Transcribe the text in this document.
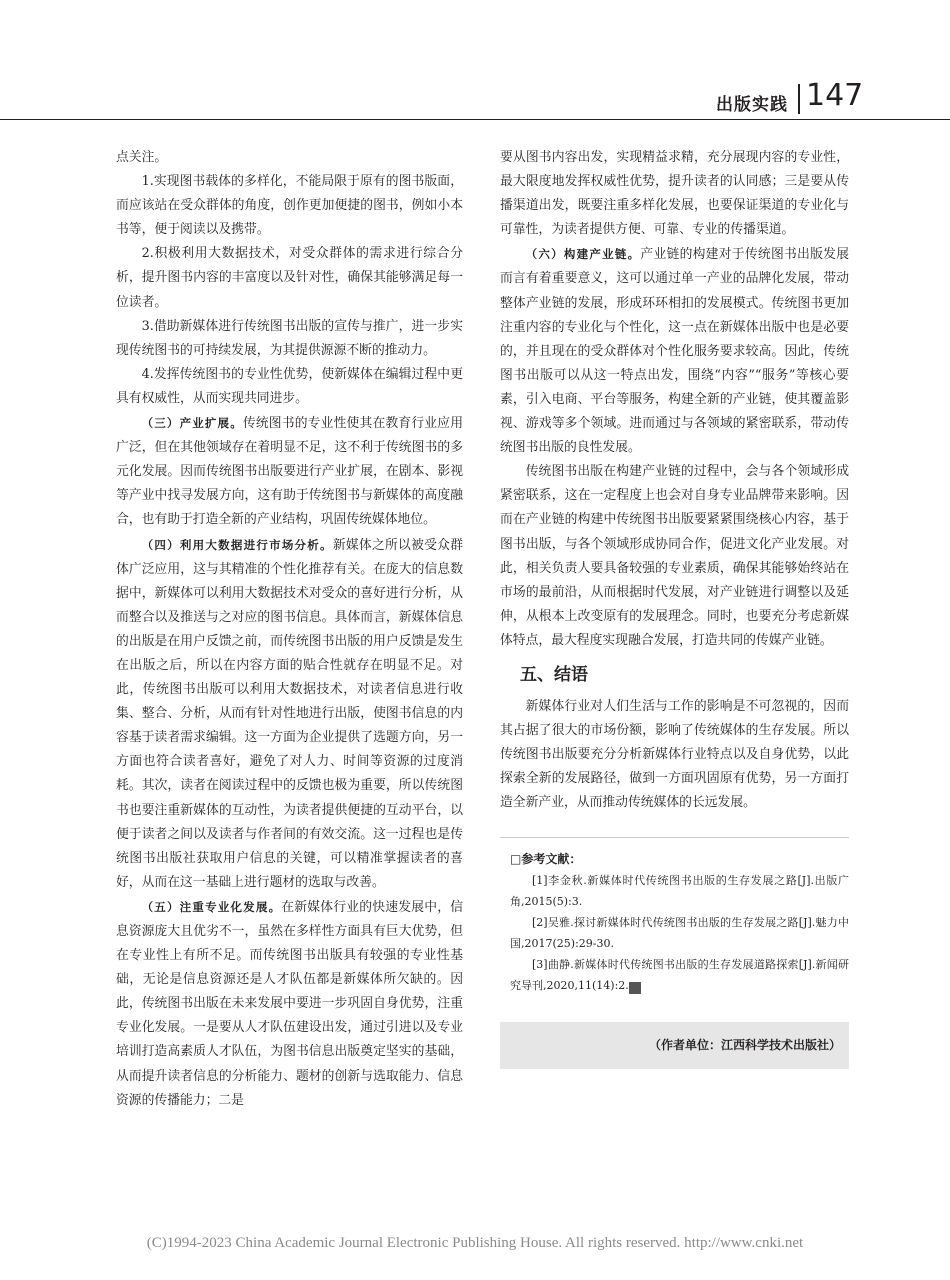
出版实践 147

点关注。

1.实现图书载体的多样化，不能局限于原有的图书版面，而应该站在受众群体的角度，创作更加便捷的图书，例如小本书等，便于阅读以及携带。

2.积极利用大数据技术，对受众群体的需求进行综合分析，提升图书内容的丰富度以及针对性，确保其能够满足每一位读者。

3.借助新媒体进行传统图书出版的宣传与推广，进一步实现传统图书的可持续发展，为其提供源源不断的推动力。

4.发挥传统图书的专业性优势，使新媒体在编辑过程中更具有权威性，从而实现共同进步。

（三）产业扩展。传统图书的专业性使其在教育行业应用广泛，但在其他领域存在着明显不足，这不利于传统图书的多元化发展。因而传统图书出版要进行产业扩展，在剧本、影视等产业中找寻发展方向，这有助于传统图书与新媒体的高度融合，也有助于打造全新的产业结构，巩固传统媒体地位。

（四）利用大数据进行市场分析。新媒体之所以被受众群体广泛应用，这与其精准的个性化推荐有关。在庞大的信息数据中，新媒体可以利用大数据技术对受众的喜好进行分析，从而整合以及推送与之对应的图书信息。具体而言，新媒体信息的出版是在用户反馈之前，而传统图书出版的用户反馈是发生在出版之后，所以在内容方面的贴合性就存在明显不足。对此，传统图书出版可以利用大数据技术，对读者信息进行收集、整合、分析，从而有针对性地进行出版，使图书信息的内容基于读者需求编辑。这一方面为企业提供了选题方向，另一方面也符合读者喜好，避免了对人力、时间等资源的过度消耗。其次，读者在阅读过程中的反馈也极为重要，所以传统图书也要注重新媒体的互动性，为读者提供便捷的互动平台，以便于读者之间以及读者与作者间的有效交流。这一过程也是传统图书出版社获取用户信息的关键，可以精准掌握读者的喜好，从而在这一基础上进行题材的选取与改善。

（五）注重专业化发展。在新媒体行业的快速发展中，信息资源庞大且优劣不一，虽然在多样性方面具有巨大优势，但在专业性上有所不足。而传统图书出版具有较强的专业性基础，无论是信息资源还是人才队伍都是新媒体所欠缺的。因此，传统图书出版在未来发展中要进一步巩固自身优势，注重专业化发展。一是要从人才队伍建设出发，通过引进以及专业培训打造高素质人才队伍，为图书信息出版奠定坚实的基础，从而提升读者信息的分析能力、题材的创新与选取能力、信息资源的传播能力；二是

要从图书内容出发，实现精益求精，充分展现内容的专业性，最大限度地发挥权威性优势，提升读者的认同感；三是要从传播渠道出发，既要注重多样化发展，也要保证渠道的专业化与可靠性，为读者提供方便、可靠、专业的传播渠道。

（六）构建产业链。产业链的构建对于传统图书出版发展而言有着重要意义，这可以通过单一产业的品牌化发展，带动整体产业链的发展，形成环环相扣的发展模式。传统图书更加注重内容的专业化与个性化，这一点在新媒体出版中也是必要的，并且现在的受众群体对个性化服务要求较高。因此，传统图书出版可以从这一特点出发，围绕“内容”“服务”等核心要素，引入电商、平台等服务，构建全新的产业链，使其覆盖影视、游戏等多个领域。进而通过与各领域的紧密联系，带动传统图书出版的良性发展。

传统图书出版在构建产业链的过程中，会与各个领域形成紧密联系，这在一定程度上也会对自身专业品牌带来影响。因而在产业链的构建中传统图书出版要紧紧围绕核心内容，基于图书出版，与各个领域形成协同合作，促进文化产业发展。对此，相关负责人要具备较强的专业素质，确保其能够始终站在市场的最前沿，从而根据时代发展，对产业链进行调整以及延伸，从根本上改变原有的发展理念。同时，也要充分考虑新媒体特点，最大程度实现融合发展，打造共同的传媒产业链。

五、结语

新媒体行业对人们生活与工作的影响是不可忽视的，因而其占据了很大的市场份额，影响了传统媒体的生存发展。所以传统图书出版要充分分析新媒体行业特点以及自身优势，以此探索全新的发展路径，做到一方面巩固原有优势，另一方面打造全新产业，从而推动传统媒体的长远发展。

□参考文献：

[1]李金秋.新媒体时代传统图书出版的生存发展之路[J].出版广角,2015(5):3.

[2]吴雅.探讨新媒体时代传统图书出版的生存发展之路[J].魅力中国,2017(25):29-30.

[3]曲静.新媒体时代传统图书出版的生存发展道路探索[J].新闻研究导刊,2020,11(14):2. C

（作者单位：江西科学技术出版社）
(C)1994-2023 China Academic Journal Electronic Publishing House. All rights reserved. http://www.cnki.net
